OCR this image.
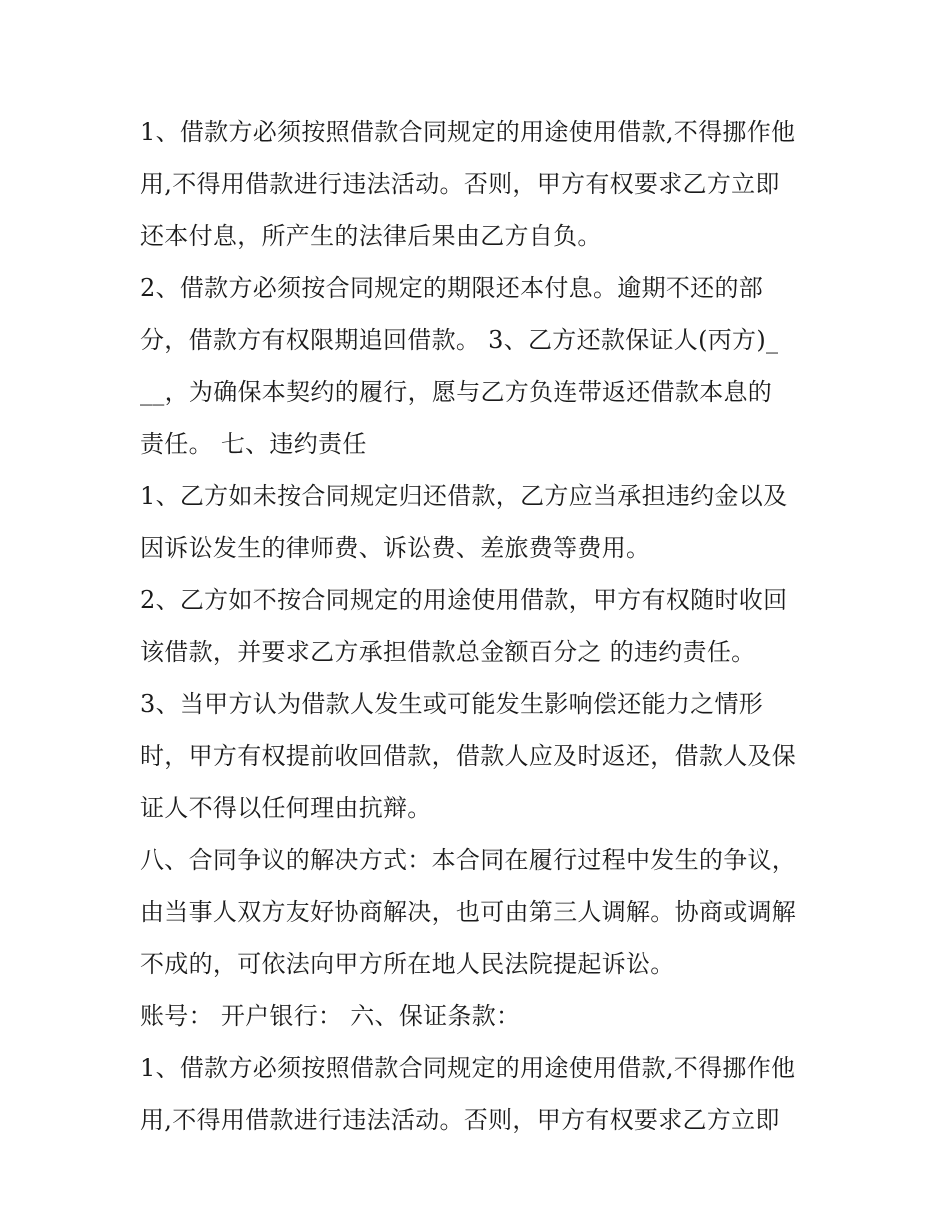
1、借款方必须按照借款合同规定的用途使用借款,不得挪作他
用,不得用借款进行违法活动。否则，甲方有权要求乙方立即
还本付息，所产生的法律后果由乙方自负。
2、借款方必须按合同规定的期限还本付息。逾期不还的部
分，借款方有权限期追回借款。 3、乙方还款保证人(丙方)_
__，为确保本契约的履行，愿与乙方负连带返还借款本息的
责任。 七、违约责任
1、乙方如未按合同规定归还借款，乙方应当承担违约金以及
因诉讼发生的律师费、诉讼费、差旅费等费用。
2、乙方如不按合同规定的用途使用借款，甲方有权随时收回
该借款，并要求乙方承担借款总金额百分之 的违约责任。
3、当甲方认为借款人发生或可能发生影响偿还能力之情形
时，甲方有权提前收回借款，借款人应及时返还，借款人及保
证人不得以任何理由抗辩。
八、合同争议的解决方式：本合同在履行过程中发生的争议，
由当事人双方友好协商解决，也可由第三人调解。协商或调解
不成的，可依法向甲方所在地人民法院提起诉讼。
账号： 开户银行： 六、保证条款：
1、借款方必须按照借款合同规定的用途使用借款,不得挪作他
用,不得用借款进行违法活动。否则，甲方有权要求乙方立即
